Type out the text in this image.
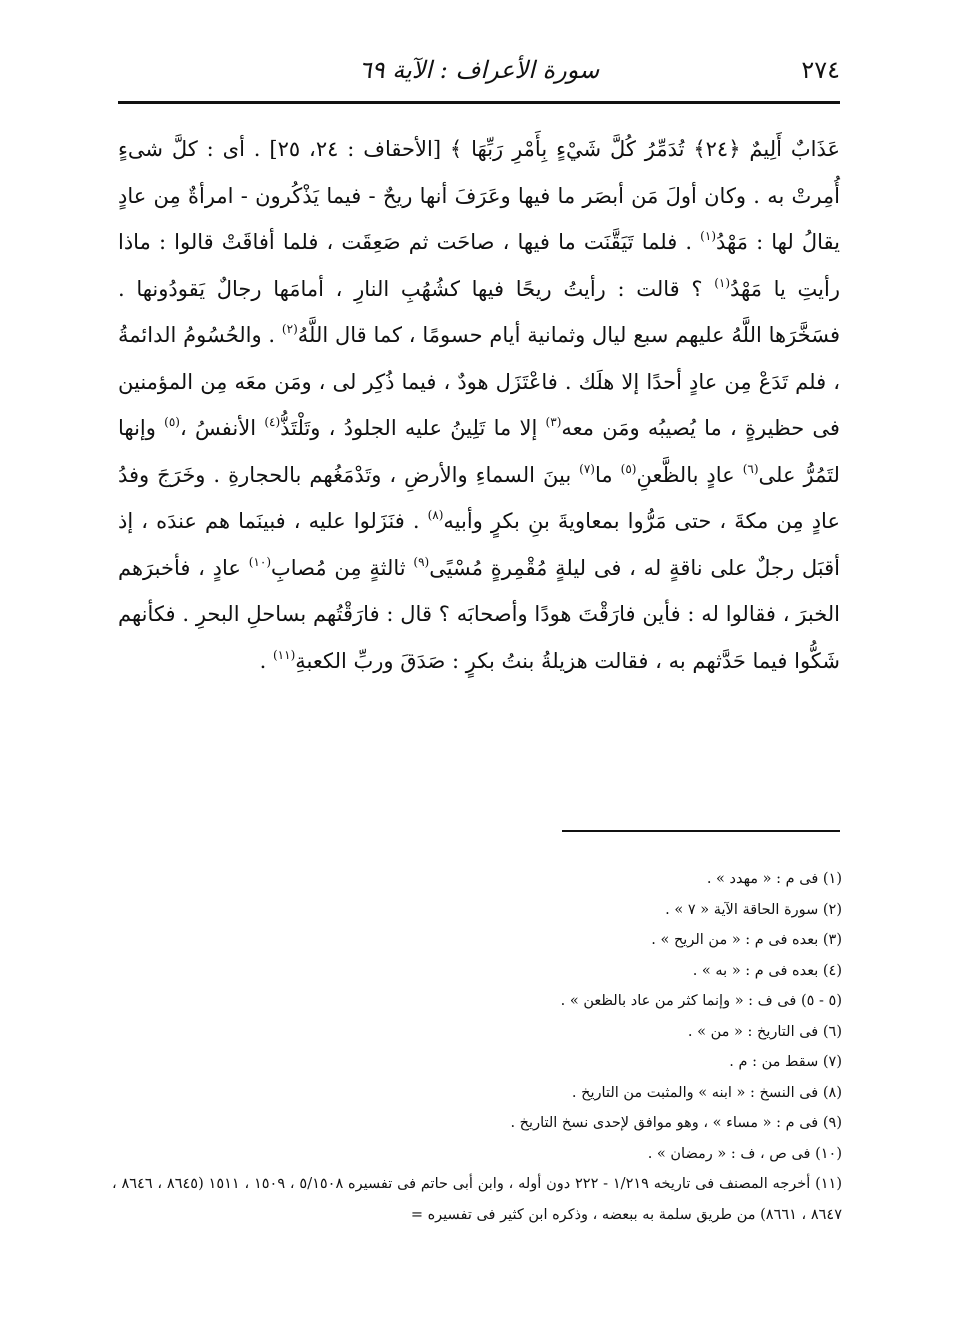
٢٧٤
سورة الأعراف : الآية ٦٩

عَذَابٌ أَلِيمٌ ﴿٢٤﴾ تُدَمِّرُ كُلَّ شَيْءٍ بِأَمْرِ رَبِّهَا ﴾ [الأحقاف : ٢٤، ٢٥] . أى : كلَّ شىءٍ أُمِرتْ به . وكان أولَ مَن أبصَر ما فيها وعَرَفَ أنها ريحٌ - فيما يَذْكُرون - امرأةٌ مِن عادٍ يقالُ لها : مَهْدُ$^{(١)}$ . فلما تَيَقَّنَت ما فيها ، صاحَت ثم صَعِقَت ، فلما أفاقَتْ قالوا : ماذا رأيتِ يا مَهْدُ$^{(١)}$ ؟ قالت : رأيتُ ريحًا فيها كشُهُبِ النارِ ، أمامَها رجالٌ يَقودُونها . فسَخَّرَها اللَّهُ عليهم سبع ليال وثمانية أيام حسومًا ، كما قال اللَّهُ$^{(٢)}$ . والحُسُومُ الدائمةُ ، فلم تَدَعْ مِن عادٍ أحدًا إلا هلَك . فاعْتَزَل هودٌ ، فيما ذُكِر لى ، ومَن معَه مِن المؤمنين فى حظيرةٍ ، ما يُصيبُه ومَن معه$^{(٣)}$ إلا ما تَلِينُ عليه الجلودُ ، وتَلْتَذُّ$^{(٤)}$ الأنفسُ ،$^{(٥)}$ وإنها لتَمُرُّ على$^{(٦)}$ عادٍ بالظَّعنِ$^{(٥)}$ ما$^{(٧)}$ بينَ السماءِ والأرضِ ، وتَدْمَغُهم بالحجارةِ . وخَرَجَ وفدُ عادٍ مِن مكةَ ، حتى مَرُّوا بمعاويةَ بنِ بكرٍ وأبيه$^{(٨)}$ . فنَزَلوا عليه ، فبينَما هم عندَه ، إذ أقبَل رجلٌ على ناقةٍ له ، فى ليلةٍ مُقْمِرةٍ مُسْيًى$^{(٩)}$ ثالثةٍ مِن مُصابِ$^{(١٠)}$ عادٍ ، فأخبرَهم الخبرَ ، فقالوا له : فأين فارَقْتَ هودًا وأصحابَه ؟ قال : فارَقْتُهم بساحلِ البحرِ . فكأنهم شَكُّوا فيما حَدَّثهم به ، فقالت هزيلةُ بنتُ بكرٍ : صَدَقَ وربِّ الكعبةِ$^{(١١)}$ .

(١) فى م : « مهدد » .
(٢) سورة الحاقة الآية « ٧ » .
(٣) بعده فى م : « من الريح » .
(٤) بعده فى م : « به » .
(٥ - ٥) فى ف : « وإنما كثر من عاد بالظعن » .
(٦) فى التاريخ : « من » .
(٧) سقط من : م .
(٨) فى النسخ : « ابنه » والمثبت من التاريخ .
(٩) فى م : « مساء » ، وهو موافق لإحدى نسخ التاريخ .
(١٠) فى ص ، ف : « رمضان » .
(١١) أخرجه المصنف فى تاريخه ١/٢١٩ - ٢٢٢ دون أوله ، وابن أبى حاتم فى تفسيره ٥/١٥٠٨ ، ١٥٠٩ ، ١٥١١ (٨٦٤٥ ، ٨٦٤٦ ، ٨٦٤٧ ، ٨٦٦١) من طريق سلمة به ببعضه ، وذكره ابن كثير فى تفسيره =
